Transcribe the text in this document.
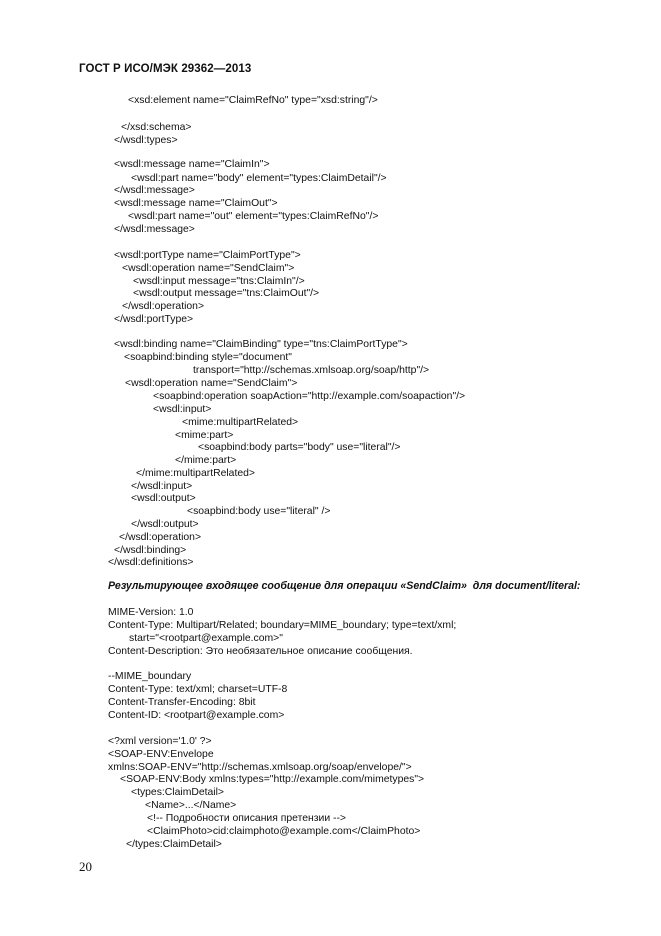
ГОСТ Р ИСО/МЭК 29362—2013
<xsd:element name="ClaimRefNo" type="xsd:string"/>
</xsd:schema>
</wsdl:types>
<wsdl:message name="ClaimIn">
<wsdl:part name="body" element="types:ClaimDetail"/>
</wsdl:message>
<wsdl:message name="ClaimOut">
<wsdl:part name="out" element="types:ClaimRefNo"/>
</wsdl:message>
<wsdl:portType name="ClaimPortType">
<wsdl:operation name="SendClaim">
<wsdl:input message="tns:ClaimIn"/>
<wsdl:output message="tns:ClaimOut"/>
</wsdl:operation>
</wsdl:portType>
<wsdl:binding name="ClaimBinding" type="tns:ClaimPortType">
<soapbind:binding style="document"
transport="http://schemas.xmlsoap.org/soap/http"/>
<wsdl:operation name="SendClaim">
<soapbind:operation soapAction="http://example.com/soapaction"/>
<wsdl:input>
<mime:multipartRelated>
<mime:part>
<soapbind:body parts="body" use="literal"/>
</mime:part>
</mime:multipartRelated>
</wsdl:input>
<wsdl:output>
<soapbind:body use="literal" />
</wsdl:output>
</wsdl:operation>
</wsdl:binding>
</wsdl:definitions>
Результирующее входящее сообщение для операции «SendClaim»  для document/literal:
MIME-Version: 1.0
Content-Type: Multipart/Related; boundary=MIME_boundary; type=text/xml;
start="<rootpart@example.com>"
Content-Description: Это необязательное описание сообщения.
--MIME_boundary
Content-Type: text/xml; charset=UTF-8
Content-Transfer-Encoding: 8bit
Content-ID: <rootpart@example.com>
<?xml version='1.0' ?>
<SOAP-ENV:Envelope
xmlns:SOAP-ENV="http://schemas.xmlsoap.org/soap/envelope/">
<SOAP-ENV:Body xmlns:types="http://example.com/mimetypes">
<types:ClaimDetail>
<Name>...</Name>
<!-- Подробности описания претензии -->
<ClaimPhoto>cid:claimphoto@example.com</ClaimPhoto>
</types:ClaimDetail>
20
